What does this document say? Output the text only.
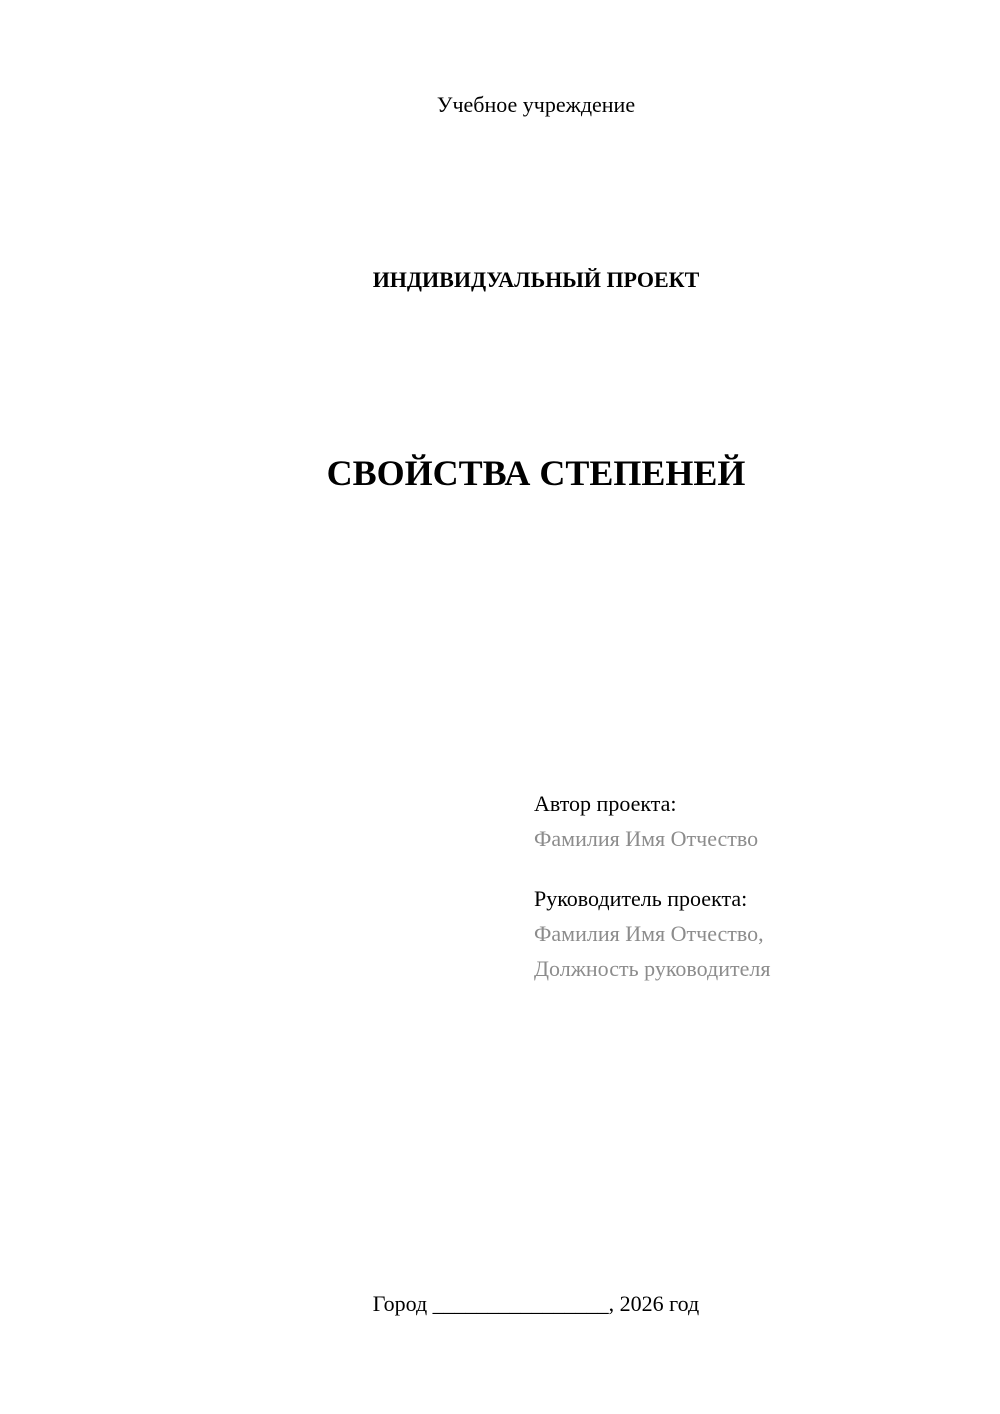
Учебное учреждение
ИНДИВИДУАЛЬНЫЙ ПРОЕКТ
СВОЙСТВА СТЕПЕНЕЙ
Автор проекта:
Фамилия Имя Отчество
Руководитель проекта:
Фамилия Имя Отчество,
Должность руководителя
Город ________________, 2026 год
